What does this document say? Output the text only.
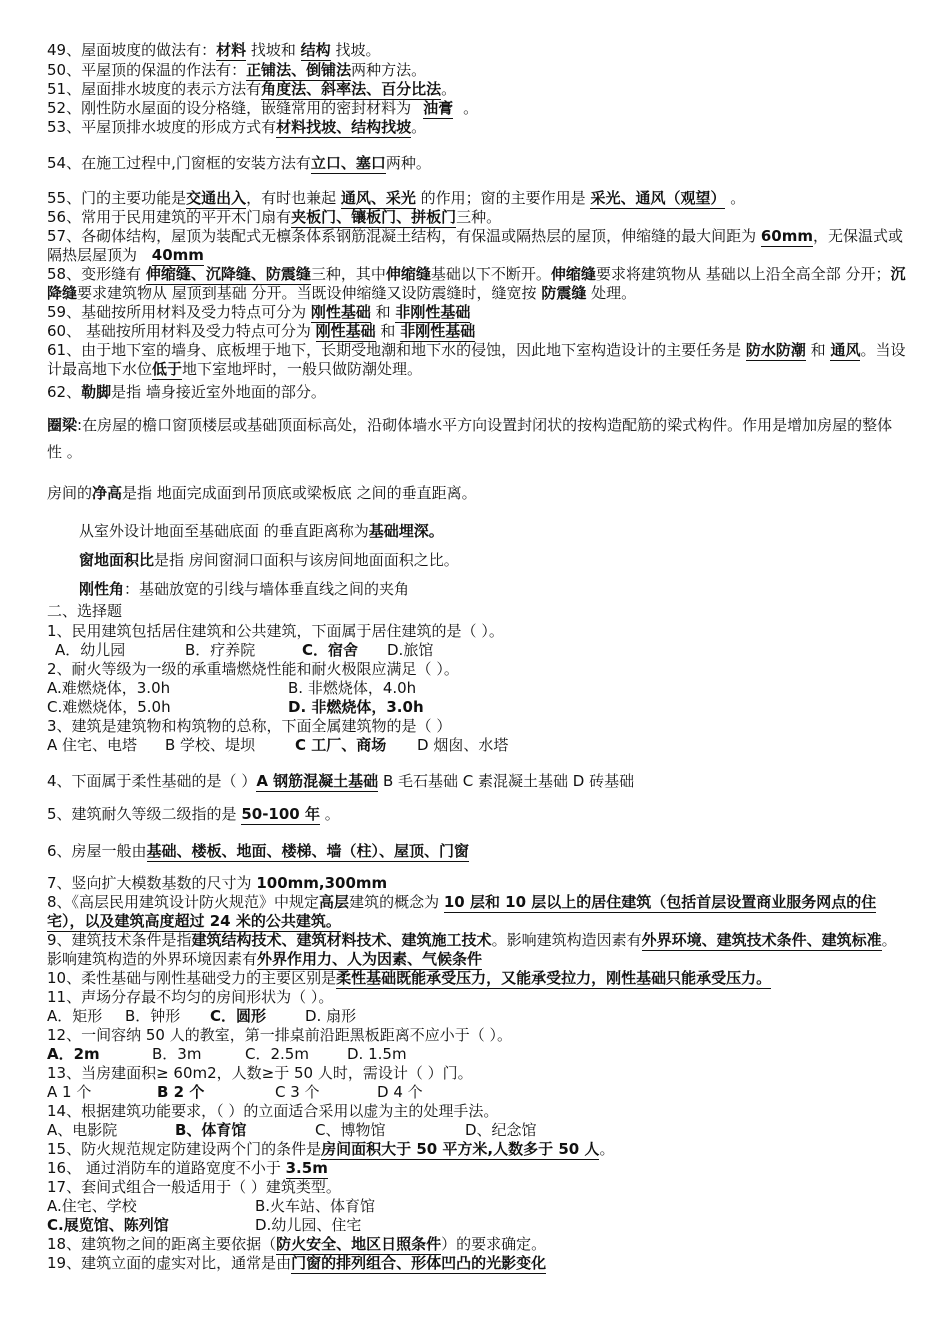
49、屋面坡度的做法有：材料 找坡和 结构 找坡。
50、平屋顶的保温的作法有：正铺法、倒铺法两种方法。
51、屋面排水坡度的表示方法有角度法、斜率法、百分比法。
52、刚性防水屋面的设分格缝，嵌缝常用的密封材料为 油膏 。
53、平屋顶排水坡度的形成方式有材料找坡、结构找坡。
54、在施工过程中,门窗框的安装方法有立口、塞口两种。
55、门的主要功能是交通出入，有时也兼起 通风、采光 的作用；窗的主要作用是 采光、通风（观望） 。
56、常用于民用建筑的平开木门扇有夹板门、镶板门、拼板门三种。
57、各砌体结构，屋顶为装配式无檩条体系钢筋混凝土结构，有保温或隔热层的屋顶，伸缩缝的最大间距为 60mm，无保温式或隔热层屋顶为 40mm
58、变形缝有 伸缩缝、沉降缝、防震缝三种，其中伸缩缝基础以下不断开。伸缩缝要求将建筑物从 基础以上沿全高全部 分开；沉降缝要求建筑物从 屋顶到基础 分开。当既设伸缩缝又设防震缝时，缝宽按 防震缝 处理。
59、基础按所用材料及受力特点可分为 刚性基础 和 非刚性基础
60、 基础按所用材料及受力特点可分为 刚性基础 和 非刚性基础
61、由于地下室的墙身、底板埋于地下，长期受地潮和地下水的侵蚀，因此地下室构造设计的主要任务是 防水防潮 和 通风。当设计最高地下水位低于地下室地坪时，一般只做防潮处理。
62、勒脚是指 墙身接近室外地面的部分。
圈梁:在房屋的檐口窗顶楼层或基础顶面标高处，沿砌体墙水平方向设置封闭状的按构造配筋的梁式构件。作用是增加房屋的整体性 。
房间的净高是指 地面完成面到吊顶底或梁板底 之间的垂直距离。
从室外设计地面至基础底面 的垂直距离称为基础埋深。
窗地面积比是指 房间窗洞口面积与该房间地面面积之比。
刚性角：基础放宽的引线与墙体垂直线之间的夹角
二、选择题
1、民用建筑包括居住建筑和公共建筑，下面属于居住建筑的是（ ）。
A．幼儿园	B．疗养院	C．宿舍 D.旅馆
2、耐火等级为一级的承重墙燃烧性能和耐火极限应满足（ ）。
A.难燃烧体，3.0h	B. 非燃烧体，4.0h
C.难燃烧体，5.0h	D. 非燃烧体，3.0h
3、建筑是建筑物和构筑物的总称，下面全属建筑物的是（ ）
A 住宅、电塔 B 学校、堤坝	C 工厂、商场 D 烟囱、水塔
4、下面属于柔性基础的是（ ）A 钢筋混凝土基础 B 毛石基础 C 素混凝土基础 D 砖基础
5、建筑耐久等级二级指的是 50-100 年 。
6、房屋一般由基础、楼板、地面、楼梯、墙（柱）、屋顶、门窗
7、竖向扩大模数基数的尺寸为 100mm,300mm
8、《高层民用建筑设计防火规范》中规定高层建筑的概念为 10 层和 10 层以上的居住建筑（包括首层设置商业服务网点的住宅），以及建筑高度超过 24 米的公共建筑。
9、建筑技术条件是指建筑结构技术、建筑材料技术、建筑施工技术。影响建筑构造因素有外界环境、建筑技术条件、建筑标准。影响建筑构造的外界环境因素有外界作用力、人为因素、气候条件
10、柔性基础与刚性基础受力的主要区别是柔性基础既能承受压力，又能承受拉力，刚性基础只能承受压力。
11、声场分存最不均匀的房间形状为（ ）。
A．矩形 B．钟形 C．圆形	D. 扇形
12、一间容纳 50 人的教室，第一排桌前沿距黑板距离不应小于（ ）。
A．2m	B．3m	C．2.5m	D. 1.5m
13、当房建面积≥ 60m2，人数≥于 50 人时，需设计（ ）门。
A 1 个	B 2 个	C 3 个	D 4 个
14、根据建筑功能要求，（ ）的立面适合采用以虚为主的处理手法。
A、电影院	B、体育馆	C、博物馆	D、纪念馆
15、防火规范规定防建设两个门的条件是房间面积大于 50 平方米,人数多于 50 人。
16、 通过消防车的道路宽度不小于 3.5m
17、套间式组合一般适用于（ ）建筑类型。
A.住宅、学校	B.火车站、体育馆
C.展览馆、陈列馆	D.幼儿园、住宅
18、建筑物之间的距离主要依据（防火安全、地区日照条件）的要求确定。
19、建筑立面的虚实对比，通常是由门窗的排列组合、形体凹凸的光影变化
